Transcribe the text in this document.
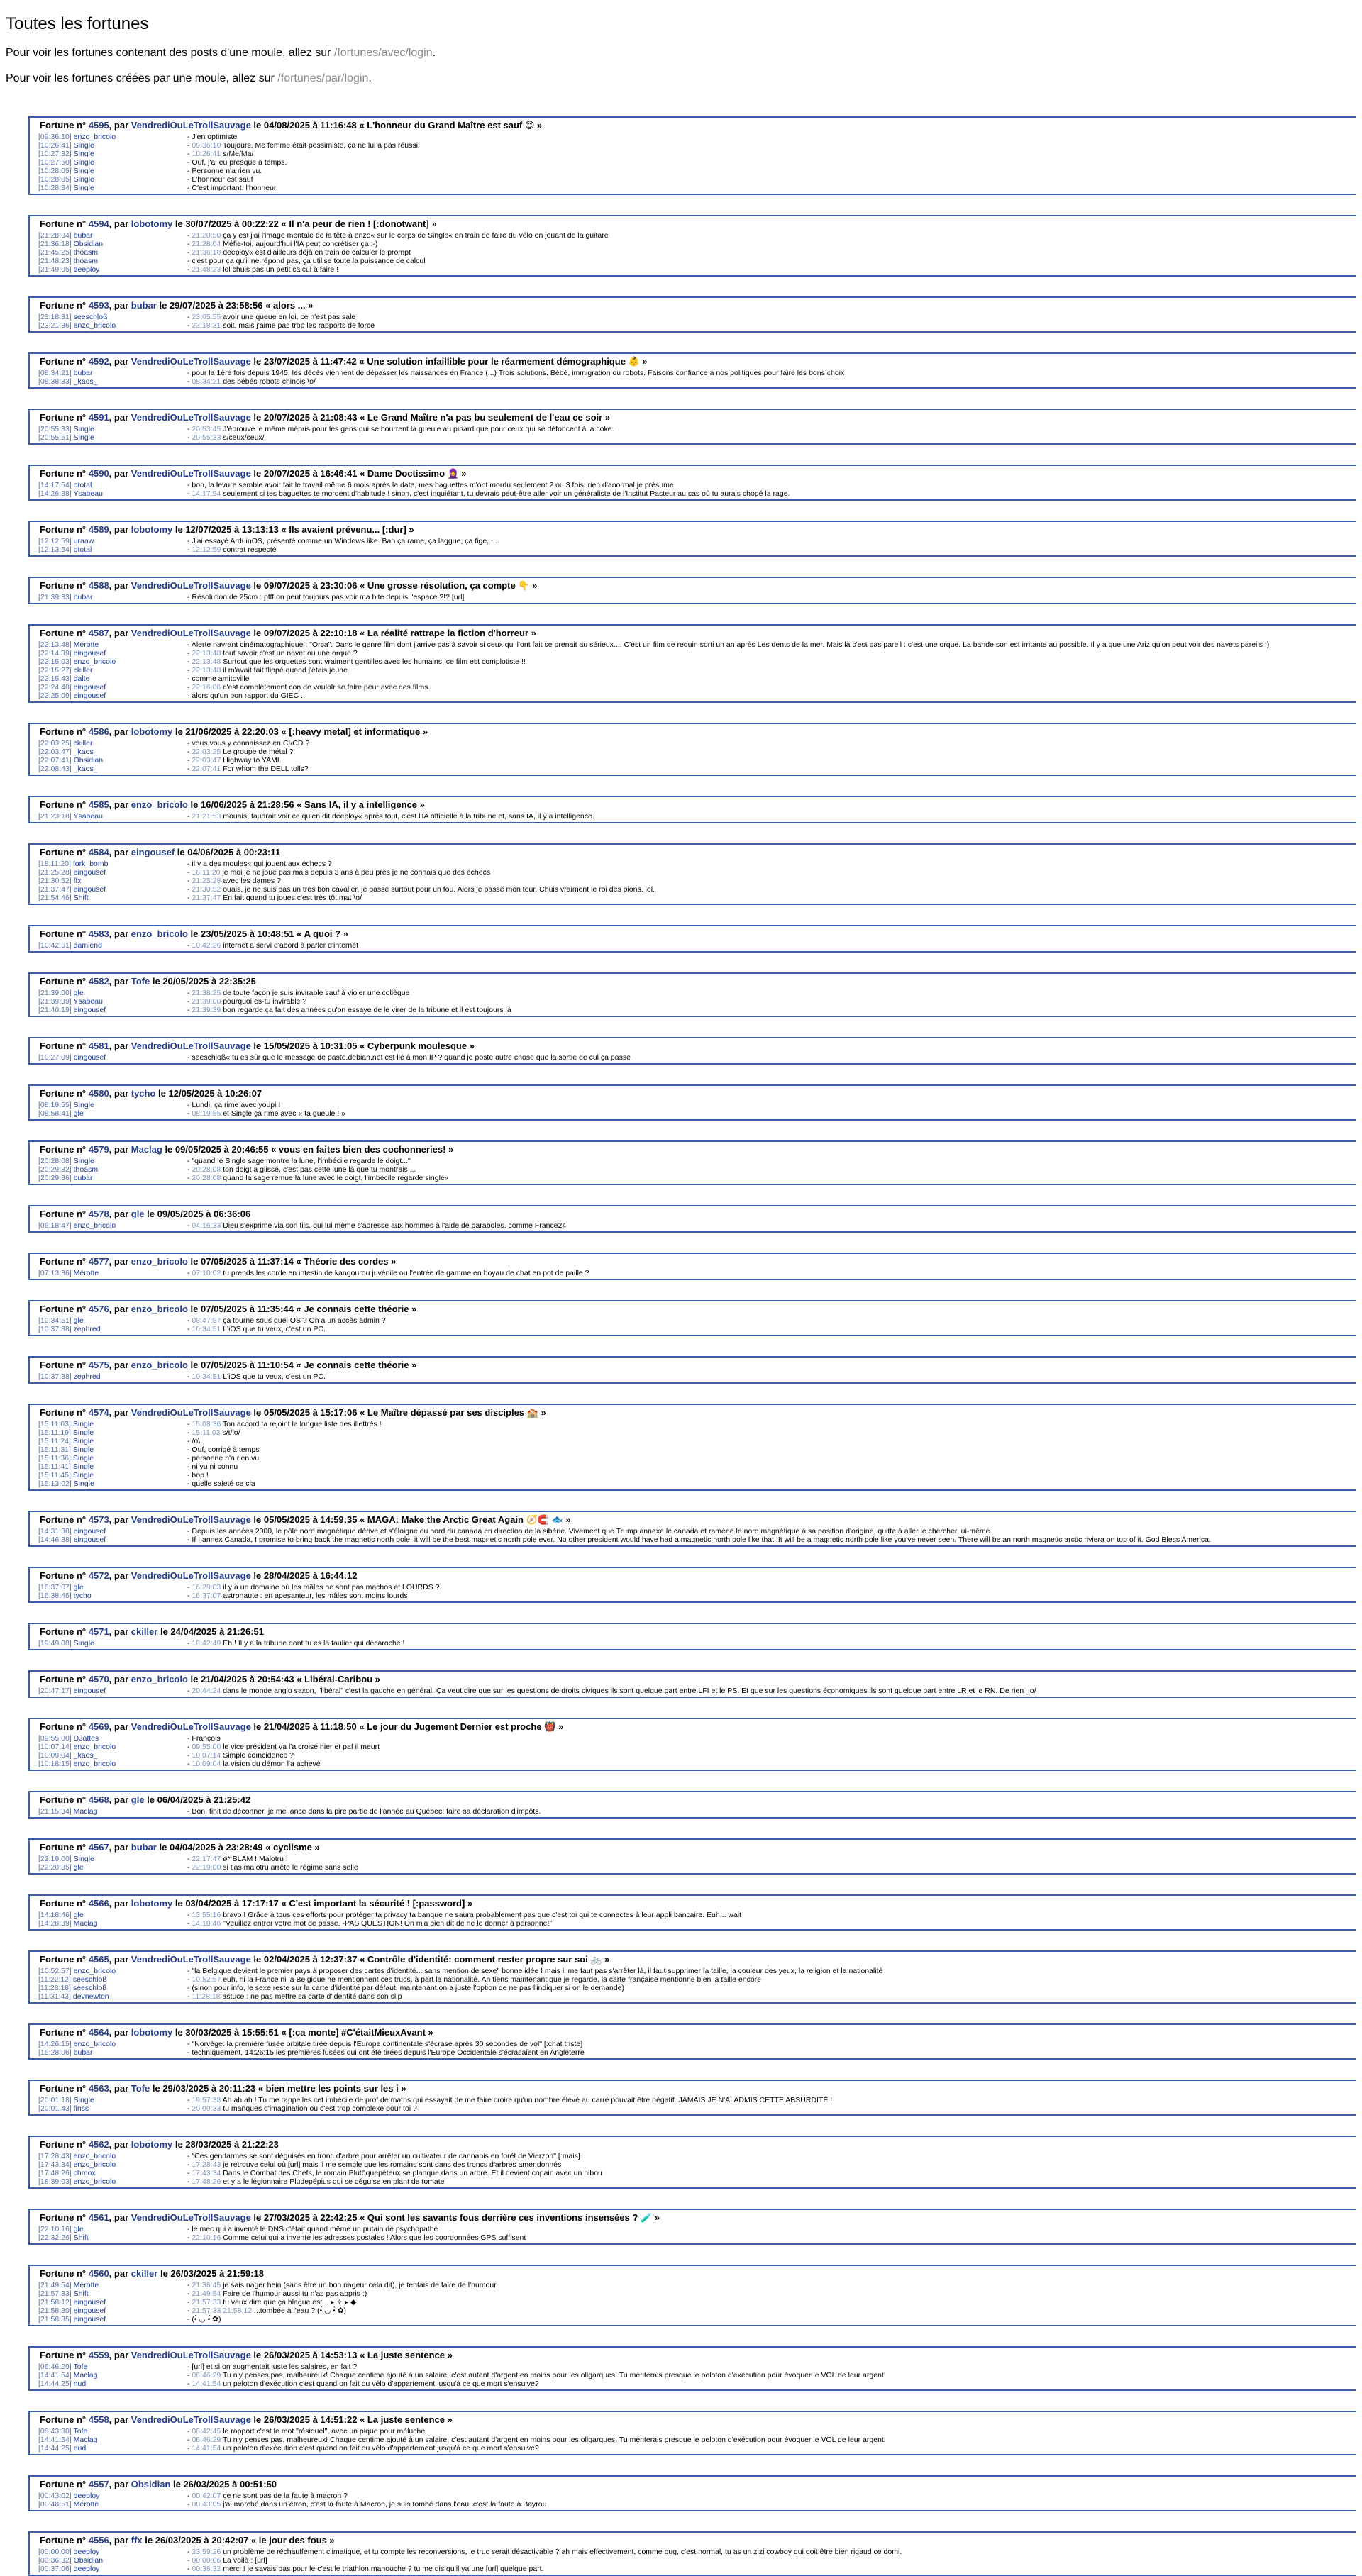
Toutes les fortunes

Pour voir les fortunes contenant des posts d'une moule, allez sur /fortunes/avec/login.

Pour voir les fortunes créées par une moule, allez sur /fortunes/par/login.

Fortune n° 4595, par VendrediOuLeTrollSauvage le 04/08/2025 à 11:16:48 « L'honneur du Grand Maître est sauf 😊 »
[09:36:10] enzo_bricolo	- J'en optimiste
[10:26:41] Single	- 09:36:10 Toujours. Me femme était pessimiste, ça ne lui a pas réussi.
[10:27:32] Single	- 10:26:41 s/Me/Ma/
[10:27:50] Single	- Ouf, j'ai eu presque à temps.
[10:28:05] Single	- Personne n'a rien vu.
[10:28:05] Single	- L'honneur est sauf
[10:28:34] Single	- C'est important, l'honneur.
Fortune n° 4594, par lobotomy le 30/07/2025 à 00:22:22 « Il n'a peur de rien ! [:donotwant] »
[21:28:04] bubar	- 21:20:50 ça y est j'ai l'image mentale de la tête à enzo« sur le corps de Single« en train de faire du vélo en jouant de la guitare
[21:36:18] Obsidian	- 21:28:04 Méfie-toi, aujourd'hui l'IA peut concrétiser ça :-)
[21:45:25] thoasm	- 21:36:18 deeploy« est d'ailleurs déjà en train de calculer le prompt
[21:48:23] thoasm	- c'est pour ça qu'il ne répond pas, ça utilise toute la puissance de calcul
[21:49:05] deeploy	- 21:48:23 lol chuis pas un petit calcul à faire !
Fortune n° 4593, par bubar le 29/07/2025 à 23:58:56 « alors ... »
[23:18:31] seeschloß	- 23:05:55 avoir une queue en loi, ce n'est pas sale
[23:21:36] enzo_bricolo	- 23:18:31 soit, mais j'aime pas trop les rapports de force
Fortune n° 4592, par VendrediOuLeTrollSauvage le 23/07/2025 à 11:47:42 « Une solution infaillible pour le réarmement démographique 👶 »
[08:34:21] bubar	- pour la 1ère fois depuis 1945, les décès viennent de dépasser les naissances en France (...) Trois solutions. Bébé, immigration ou robots. Faisons confiance à nos politiques pour faire les bons choix
[08:38:33] _kaos_	- 08:34:21 des bébés robots chinois \o/
Fortune n° 4591, par VendrediOuLeTrollSauvage le 20/07/2025 à 21:08:43 « Le Grand Maître n'a pas bu seulement de l'eau ce soir »
[20:55:33] Single	- 20:53:45 J'éprouve le même mépris pour les gens qui se bourrent la gueule au pinard que pour ceux qui se défoncent à la coke.
[20:55:51] Single	- 20:55:33 s/ceux/ceux/
Fortune n° 4590, par VendrediOuLeTrollSauvage le 20/07/2025 à 16:46:41 « Dame Doctissimo 🧕 »
[14:17:54] ototal	- bon, la levure semble avoir fait le travail même 6 mois après la date, mes baguettes m'ont mordu seulement 2 ou 3 fois, rien d'anormal je présume
[14:26:38] Ysabeau	- 14:17:54 seulement si tes baguettes te mordent d'habitude ! sinon, c'est inquiétant, tu devrais peut-être aller voir un généraliste de l'Institut Pasteur au cas où tu aurais chopé la rage.
Fortune n° 4589, par lobotomy le 12/07/2025 à 13:13:13 « Ils avaient prévenu... [:dur] »
[12:12:59] uraaw	- J'ai essayé ArduinOS, présenté comme un Windows like. Bah ça rame, ça laggue, ça fige, ...
[12:13:54] ototal	- 12:12:59 contrat respecté
Fortune n° 4588, par VendrediOuLeTrollSauvage le 09/07/2025 à 23:30:06 « Une grosse résolution, ça compte 👇 »
[21:39:33] bubar	- Résolution de 25cm : pfff on peut toujours pas voir ma bite depuis l'espace ?!? [url]
Fortune n° 4587, par VendrediOuLeTrollSauvage le 09/07/2025 à 22:10:18 « La réalité rattrape la fiction d'horreur »
[22:13:48] Mérotte	- Alerte navrant cinématographique : "Orca". Dans le genre film dont j'arrive pas à savoir si ceux qui l'ont fait se prenait au sérieux.... C'est un film de requin sorti un an après Les dents de la mer. Mais là c'est pas pareil : c'est une orque. La bande son est irritante au possible. Il y a que une Ariz qu'on peut voir des navets pareils ;)
[22:14:39] eingousef	- 22:13:48 tout savoir c'est un navet ou une orque ?
[22:15:03] enzo_bricolo	- 22:13:48 Surtout que les orquettes sont vraiment gentilles avec les humains, ce film est complotiste !!
[22:15:27] ckiller	- 22:13:48 il m'avait fait flippé quand j'étais jeune
[22:15:43] dalte	- comme amitoyille
[22:24:40] eingousef	- 22:16:06 c'est complètement con de voulolr se faire peur avec des films
[22:25:09] eingousef	- alors qu'un bon rapport du GIEC ...
Fortune n° 4586, par lobotomy le 21/06/2025 à 22:20:03 « [:heavy metal] et informatique »
[22:03:25] ckiller	- vous vous y connaissez en CI/CD ?
[22:03:47] _kaos_	- 22:03:25 Le groupe de métal ?
[22:07:41] Obsidian	- 22:03:47 Highway to YAML
[22:08:43] _kaos_	- 22:07:41 For whom the DELL tolls?
Fortune n° 4585, par enzo_bricolo le 16/06/2025 à 21:28:56 « Sans IA, il y a intelligence »
[21:23:18] Ysabeau	- 21:21:53 mouais, faudrait voir ce qu'en dit deeploy« après tout, c'est l'IA officielle à la tribune et, sans IA, il y a intelligence.
Fortune n° 4584, par eingousef le 04/06/2025 à 00:23:11
[18:11:20] fork_bomb	- il y a des moules« qui jouent aux échecs ?
[21:25:28] eingousef	- 18:11:20 je moi je ne joue pas mais depuis 3 ans à peu près je ne connais que des échecs
[21:30:52] ffx	- 21:25:28 avec les dames ?
[21:37:47] eingousef	- 21:30:52 ouais, je ne suis pas un très bon cavalier, je passe surtout pour un fou. Alors je passe mon tour. Chuis vraiment le roi des pions. lol.
[21:54:46] Shift	- 21:37:47 En fait quand tu joues c'est très tôt mat \o/
Fortune n° 4583, par enzo_bricolo le 23/05/2025 à 10:48:51 « A quoi ? »
[10:42:51] damiend	- 10:42:26 internet a servi d'abord à parler d'internet
Fortune n° 4582, par Tofe le 20/05/2025 à 22:35:25
[21:39:00] gle	- 21:38:25 de toute façon je suis invirable sauf à violer une collègue
[21:39:39] Ysabeau	- 21:39:00 pourquoi es-tu invirable ?
[21:40:19] eingousef	- 21:39:39 bon regarde ça fait des années qu'on essaye de le virer de la tribune et il est toujours là
Fortune n° 4581, par VendrediOuLeTrollSauvage le 15/05/2025 à 10:31:05 « Cyberpunk moulesque »
[10:27:09] eingousef	- seeschloß« tu es sûr que le message de paste.debian.net est lié à mon IP ? quand je poste autre chose que la sortie de cul ça passe
Fortune n° 4580, par tycho le 12/05/2025 à 10:26:07
[08:19:55] Single	- Lundi, ça rime avec youpi !
[08:58:41] gle	- 08:19:55 et Single ça rime avec « ta gueule ! »
Fortune n° 4579, par Maclag le 09/05/2025 à 20:46:55 « vous en faites bien des cochonneries! »
[20:28:08] Single	- "quand le Single sage montre la lune, l'imbécile regarde le doigt..."
[20:29:32] thoasm	- 20:28:08 ton doigt a glissé, c'est pas cette lune là que tu montrais ...
[20:29:36] bubar	- 20:28:08 quand la sage remue la lune avec le doigt, l'imbécile regarde single«
Fortune n° 4578, par gle le 09/05/2025 à 06:36:06
[06:18:47] enzo_bricolo	- 04:16:33 Dieu s'exprime via son fils, qui lui même s'adresse aux hommes à l'aide de paraboles, comme France24
Fortune n° 4577, par enzo_bricolo le 07/05/2025 à 11:37:14 « Théorie des cordes »
[07:13:36] Mérotte	- 07:10:02 tu prends les corde en intestin de kangourou juvénile ou l'entrée de gamme en boyau de chat en pot de paille ?
Fortune n° 4576, par enzo_bricolo le 07/05/2025 à 11:35:44 « Je connais cette théorie »
[10:34:51] gle	- 08:47:57 ça tourne sous quel OS ? On a un accès admin ?
[10:37:38] zephred	- 10:34:51 L'iOS que tu veux, c'est un PC.
Fortune n° 4575, par enzo_bricolo le 07/05/2025 à 11:10:54 « Je connais cette théorie »
[10:37:38] zephred	- 10:34:51 L'iOS que tu veux, c'est un PC.
Fortune n° 4574, par VendrediOuLeTrollSauvage le 05/05/2025 à 15:17:06 « Le Maître dépassé par ses disciples 🏫 »
[15:11:03] Single	- 15:08:36 Ton accord ta rejoint la longue liste des illettrés !
[15:11:19] Single	- 15:11:03 s/t/lo/
[15:11:24] Single	- /o\
[15:11:31] Single	- Ouf, corrigé à temps
[15:11:36] Single	- personne n'a rien vu
[15:11:41] Single	- ni vu ni connu
[15:11:45] Single	- hop !
[15:13:02] Single	- quelle saleté ce cla
Fortune n° 4573, par VendrediOuLeTrollSauvage le 05/05/2025 à 14:59:35 « MAGA: Make the Arctic Great Again 🧭🧲 🐟 »
[14:31:38] eingousef	- Depuis les années 2000, le pôle nord magnétique dérive et s'éloigne du nord du canada en direction de la sibérie. Vivement que Trump annexe le canada et ramène le nord magnétique à sa position d'origine, quitte à aller le chercher lui-même.
[14:46:38] eingousef	- If I annex Canada, I promise to bring back the magnetic north pole, it will be the best magnetic north pole ever. No other president would have had a magnetic north pole like that. It will be a magnetic north pole like you've never seen. There will be an north magnetic arctic riviera on top of it. God Bless America.
Fortune n° 4572, par VendrediOuLeTrollSauvage le 28/04/2025 à 16:44:12
[16:37:07] gle	- 16:29:03 il y a un domaine où les mâles ne sont pas machos et LOURDS ?
[16:38:46] tycho	- 16:37:07 astronaute : en apesanteur, les mâles sont moins lourds
Fortune n° 4571, par ckiller le 24/04/2025 à 21:26:51
[19:49:08] Single	- 18:42:49 Eh ! Il y a la tribune dont tu es la taulier qui décaroche !
Fortune n° 4570, par enzo_bricolo le 21/04/2025 à 20:54:43 « Libéral-Caribou »
[20:47:17] eingousef	- 20:44:24 dans le monde anglo saxon, "libéral" c'est la gauche en général. Ça veut dire que sur les questions de droits civiques ils sont quelque part entre LFI et le PS. Et que sur les questions économiques ils sont quelque part entre LR et le RN. De rien _o/
Fortune n° 4569, par VendrediOuLeTrollSauvage le 21/04/2025 à 11:18:50 « Le jour du Jugement Dernier est proche 👹 »
[09:55:00] DJattes	- François
[10:07:14] enzo_bricolo	- 09:55:00 le vice président va l'a croisé hier et paf il meurt
[10:09:04] _kaos_	- 10:07:14 Simple coïncidence ?
[10:18:15] enzo_bricolo	- 10:09:04 la vision du démon l'a achevé
Fortune n° 4568, par gle le 06/04/2025 à 21:25:42
[21:15:34] Maclag	- Bon, finit de déconner, je me lance dans la pire partie de l'année au Québec: faire sa déclaration d'impôts.
Fortune n° 4567, par bubar le 04/04/2025 à 23:28:49 « cyclisme »
[22:19:00] Single	- 22:17:47 ø* BLAM ! Malotru !
[22:20:35] gle	- 22:19:00 si t'as malotru arrête le régime sans selle
Fortune n° 4566, par lobotomy le 03/04/2025 à 17:17:17 « C'est important la sécurité ! [:password] »
[14:18:46] gle	- 13:55:16 bravo ! Grâce à tous ces efforts pour protéger ta privacy ta banque ne saura probablement pas que c'est toi qui te connectes à leur appli bancaire. Euh... wait
[14:28:39] Maclag	- 14:18:46 "Veuillez entrer votre mot de passe. -PAS QUESTION! On m'a bien dit de ne le donner à personne!"
Fortune n° 4565, par VendrediOuLeTrollSauvage le 02/04/2025 à 12:37:37 « Contrôle d'identité: comment rester propre sur soi 🚲 »
[10:52:57] enzo_bricolo	- "la Belgique devient le premier pays à proposer des cartes d'identité... sans mention de sexe" bonne idée ! mais il me faut pas s'arrêter là, il faut supprimer la taille, la couleur des yeux, la religion et la nationalité
[11:22:12] seeschloß	- 10:52:57 euh, ni la France ni la Belgique ne mentionnent ces trucs, à part la nationalité. Ah tiens maintenant que je regarde, la carte française mentionne bien la taille encore
[11:28:18] seeschloß	- (sinon pour info, le sexe reste sur la carte d'identité par défaut, maintenant on a juste l'option de ne pas l'indiquer si on le demande)
[11:31:43] devnewton	- 11:28:18 astuce : ne pas mettre sa carte d'identité dans son slip
Fortune n° 4564, par lobotomy le 30/03/2025 à 15:55:51 « [:ca monte] #C'étaitMieuxAvant »
[14:26:15] enzo_bricolo	- "Norvège: la première fusée orbitale tirée depuis l'Europe continentale s'écrase après 30 secondes de vol" [:chat triste]
[15:28:06] bubar	- techniquement, 14:26:15 les premières fusées qui ont été tirées depuis l'Europe Occidentale s'écrasaient en Angleterre
Fortune n° 4563, par Tofe le 29/03/2025 à 20:11:23 « bien mettre les points sur les i »
[20:01:18] Single	- 19:57:38 Ah ah ah ! Tu me rappelles cet imbécile de prof de maths qui essayait de me faire croire qu'un nombre élevé au carré pouvait être négatif. JAMAIS JE N'AI ADMIS CETTE ABSURDITÉ !
[20:01:43] finss	- 20:00:33 tu manques d'imagination ou c'est trop complexe pour toi ?
Fortune n° 4562, par lobotomy le 28/03/2025 à 21:22:23
[17:28:43] enzo_bricolo	- "Ces gendarmes se sont déguisés en tronc d'arbre pour arrêter un cultivateur de cannabis en forêt de Vierzon" [:mais]
[17:43:34] enzo_bricolo	- 17:28:43 je retrouve celui où [url] mais il me semble que les romains sont dans des troncs d'arbres amendonnés
[17:48:26] chmox	- 17:43:34 Dans le Combat des Chefs, le romain Plutôquepéteux se planque dans un arbre. Et il devient copain avec un hibou
[18:39:03] enzo_bricolo	- 17:48:26 et y a le légionnaire Pludepépius qui se déguise en plant de tomate
Fortune n° 4561, par VendrediOuLeTrollSauvage le 27/03/2025 à 22:42:25 « Qui sont les savants fous derrière ces inventions insensées ? 🧪 »
[22:10:16] gle	- le mec qui a inventé le DNS c'était quand même un putain de psychopathe
[22:32:26] Shift	- 22:10:16 Comme celui qui a inventé les adresses postales ! Alors que les coordonnées GPS suffisent
Fortune n° 4560, par ckiller le 26/03/2025 à 21:59:18
[21:49:54] Mérotte	- 21:36:45 je sais nager hein (sans être un bon nageur cela dit), je tentais de faire de l'humour
[21:57:33] Shift	- 21:49:54 Faire de l'humour aussi tu n'as pas appris :)
[21:58:12] eingousef	- 21:57:33 tu veux dire que ça blague est... ▸ ✧ ▸ ◆
[21:58:30] eingousef	- 21:57:33 21:58:12 ...tombée à l'eau ? (•́ ◡ •̀ ✿)
[21:58:35] eingousef	- (•̀ ◡ •́ ✿)
Fortune n° 4559, par VendrediOuLeTrollSauvage le 26/03/2025 à 14:53:13 « La juste sentence »
[06:46:29] Tofe	- [url] et si on augmentait juste les salaires, en fait ?
[14:41:54] Maclag	- 06:46:29 Tu n'y penses pas, malheureux! Chaque centime ajouté à un salaire, c'est autant d'argent en moins pour les oligarques! Tu mériterais presque le peloton d'exécution pour évoquer le VOL de leur argent!
[14:44:25] nud	- 14:41:54 un peloton d'exécution c'est quand on fait du vélo d'appartement jusqu'à ce que mort s'ensuive?
Fortune n° 4558, par VendrediOuLeTrollSauvage le 26/03/2025 à 14:51:22 « La juste sentence »
[08:43:30] Tofe	- 08:42:45 le rapport c'est le mot "résiduel", avec un pique pour méluche
[14:41:54] Maclag	- 06:46:29 Tu n'y penses pas, malheureux! Chaque centime ajouté à un salaire, c'est autant d'argent en moins pour les oligarques! Tu mériterais presque le peloton d'exécution pour évoquer le VOL de leur argent!
[14:44:25] nud	- 14:41:54 un peloton d'exécution c'est quand on fait du vélo d'appartement jusqu'à ce que mort s'ensuive?
Fortune n° 4557, par Obsidian le 26/03/2025 à 00:51:50
[00:43:02] deeploy	- 00:42:07 ce ne sont pas de la faute à macron ?
[00:48:51] Mérotte	- 00:43:05 j'ai marché dans un étron, c'est la faute à Macron, je suis tombé dans l'eau, c'est la faute à Bayrou
Fortune n° 4556, par ffx le 26/03/2025 à 20:42:07 « le jour des fous »
[00:00:00] deeploy	- 23:59:26 un problème de réchauffement climatique, et tu compte les reconversions, le truc serait désactivable ? ah mais effectivement, comme bug, c'est normal, tu as un zizi cowboy qui doit être bien rigaud ce domi.
[00:36:32] Obsidian	- 00:00:06 La voilà : [url]
[00:37:06] deeploy	- 00:36:32 merci ! je savais pas pour le c'est le triathlon manouche ? tu me dis qu'il ya une [url] quelque part.
